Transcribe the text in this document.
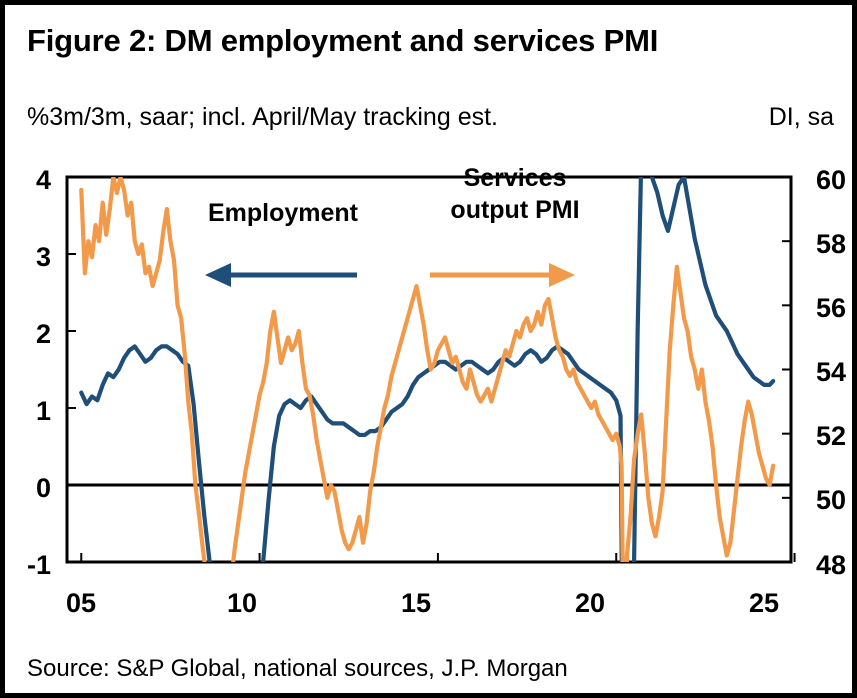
Figure 2: DM employment and services PMI
%3m/3m, saar; incl. April/May tracking est.	DI, sa
4
3
2
1
0
-1
60
58
56
54
52
50
48
05	10	15	20	25
Employment
Services
output PMI
Source: S&P Global, national sources, J.P. Morgan
